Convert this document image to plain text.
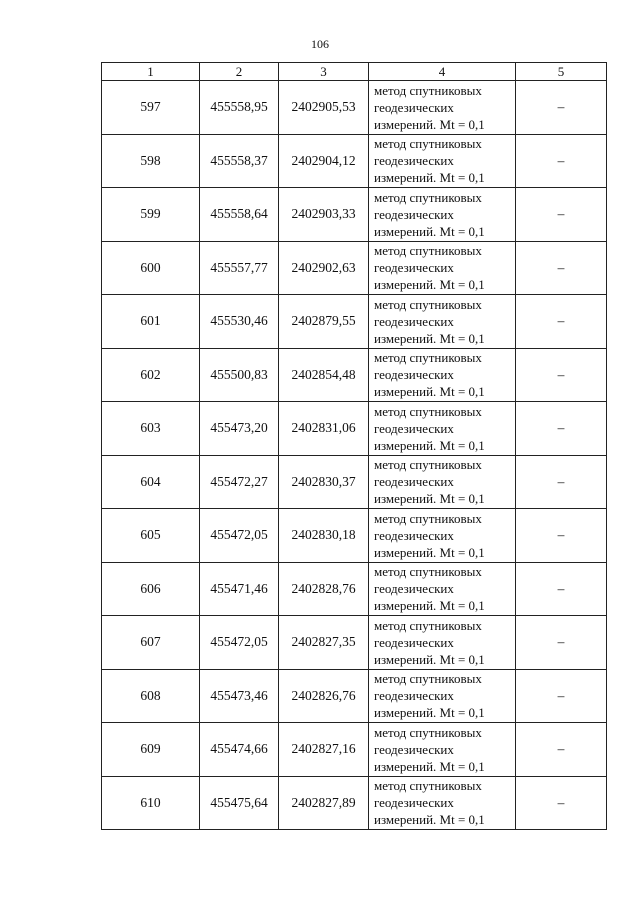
106
1	2	3	4	5
597	455558,95	2402905,53	метод спутниковых
геодезических
измерений. Mt = 0,1	–
598	455558,37	2402904,12	метод спутниковых
геодезических
измерений. Mt = 0,1	–
599	455558,64	2402903,33	метод спутниковых
геодезических
измерений. Mt = 0,1	–
600	455557,77	2402902,63	метод спутниковых
геодезических
измерений. Mt = 0,1	–
601	455530,46	2402879,55	метод спутниковых
геодезических
измерений. Mt = 0,1	–
602	455500,83	2402854,48	метод спутниковых
геодезических
измерений. Mt = 0,1	–
603	455473,20	2402831,06	метод спутниковых
геодезических
измерений. Mt = 0,1	–
604	455472,27	2402830,37	метод спутниковых
геодезических
измерений. Mt = 0,1	–
605	455472,05	2402830,18	метод спутниковых
геодезических
измерений. Mt = 0,1	–
606	455471,46	2402828,76	метод спутниковых
геодезических
измерений. Mt = 0,1	–
607	455472,05	2402827,35	метод спутниковых
геодезических
измерений. Mt = 0,1	–
608	455473,46	2402826,76	метод спутниковых
геодезических
измерений. Mt = 0,1	–
609	455474,66	2402827,16	метод спутниковых
геодезических
измерений. Mt = 0,1	–
610	455475,64	2402827,89	метод спутниковых
геодезических
измерений. Mt = 0,1	–
